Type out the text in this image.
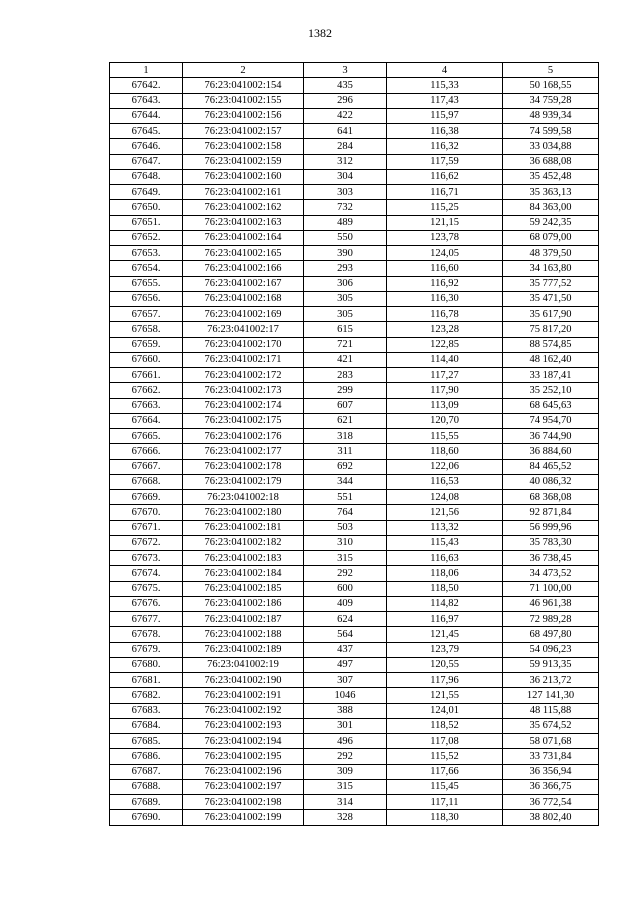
1382
1	2	3	4	5
67642.	76:23:041002:154	435	115,33	50 168,55
67643.	76:23:041002:155	296	117,43	34 759,28
67644.	76:23:041002:156	422	115,97	48 939,34
67645.	76:23:041002:157	641	116,38	74 599,58
67646.	76:23:041002:158	284	116,32	33 034,88
67647.	76:23:041002:159	312	117,59	36 688,08
67648.	76:23:041002:160	304	116,62	35 452,48
67649.	76:23:041002:161	303	116,71	35 363,13
67650.	76:23:041002:162	732	115,25	84 363,00
67651.	76:23:041002:163	489	121,15	59 242,35
67652.	76:23:041002:164	550	123,78	68 079,00
67653.	76:23:041002:165	390	124,05	48 379,50
67654.	76:23:041002:166	293	116,60	34 163,80
67655.	76:23:041002:167	306	116,92	35 777,52
67656.	76:23:041002:168	305	116,30	35 471,50
67657.	76:23:041002:169	305	116,78	35 617,90
67658.	76:23:041002:17	615	123,28	75 817,20
67659.	76:23:041002:170	721	122,85	88 574,85
67660.	76:23:041002:171	421	114,40	48 162,40
67661.	76:23:041002:172	283	117,27	33 187,41
67662.	76:23:041002:173	299	117,90	35 252,10
67663.	76:23:041002:174	607	113,09	68 645,63
67664.	76:23:041002:175	621	120,70	74 954,70
67665.	76:23:041002:176	318	115,55	36 744,90
67666.	76:23:041002:177	311	118,60	36 884,60
67667.	76:23:041002:178	692	122,06	84 465,52
67668.	76:23:041002:179	344	116,53	40 086,32
67669.	76:23:041002:18	551	124,08	68 368,08
67670.	76:23:041002:180	764	121,56	92 871,84
67671.	76:23:041002:181	503	113,32	56 999,96
67672.	76:23:041002:182	310	115,43	35 783,30
67673.	76:23:041002:183	315	116,63	36 738,45
67674.	76:23:041002:184	292	118,06	34 473,52
67675.	76:23:041002:185	600	118,50	71 100,00
67676.	76:23:041002:186	409	114,82	46 961,38
67677.	76:23:041002:187	624	116,97	72 989,28
67678.	76:23:041002:188	564	121,45	68 497,80
67679.	76:23:041002:189	437	123,79	54 096,23
67680.	76:23:041002:19	497	120,55	59 913,35
67681.	76:23:041002:190	307	117,96	36 213,72
67682.	76:23:041002:191	1046	121,55	127 141,30
67683.	76:23:041002:192	388	124,01	48 115,88
67684.	76:23:041002:193	301	118,52	35 674,52
67685.	76:23:041002:194	496	117,08	58 071,68
67686.	76:23:041002:195	292	115,52	33 731,84
67687.	76:23:041002:196	309	117,66	36 356,94
67688.	76:23:041002:197	315	115,45	36 366,75
67689.	76:23:041002:198	314	117,11	36 772,54
67690.	76:23:041002:199	328	118,30	38 802,40
